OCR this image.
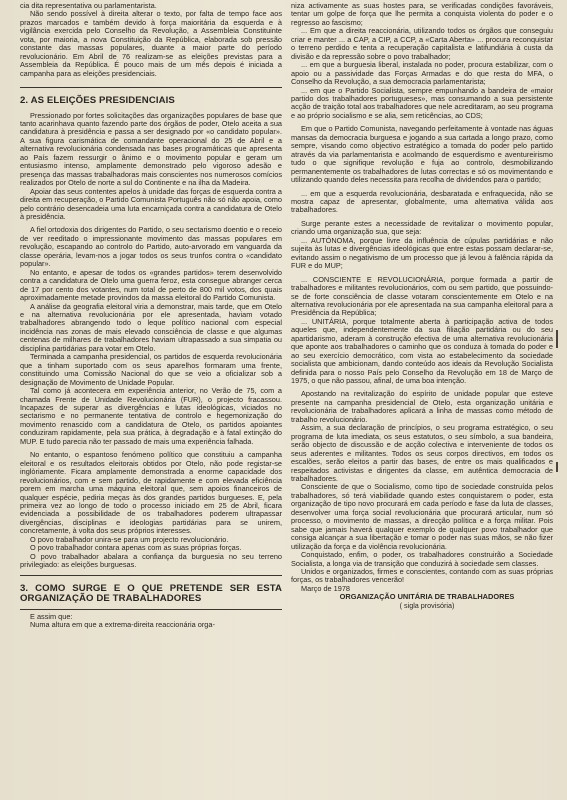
cia dita representativa ou parlamentarista.

Não sendo possível à direita alterar o texto, por falta de tempo face aos prazos marcados e também devido à força maioritária da esquerda e à vigilância exercida pelo Conselho da Revolução, a Assembleia Constituinte vota, por maioria, a nova Constituição da República, elaborada sob pressão constante das massas populares, duante a maior parte do período revolucionário. Em Abril de 76 realizam-se as eleições previstas para a Assembleia da República. É pouco mais de um mês depois é iniciada a campanha para as eleições presidenciais.

2. AS ELEIÇÕES PRESIDENCIAIS

Pressionado por fortes solicitações das organizações populares de base que tanto acarinhava quanto fazendo parte dos órgãos de poder, Otelo aceita a sua candidatura à presidência e passa a ser designado por «o candidato popular». A sua figura carismática de comandante operacional do 25 de Abril e a alternativa revolucionária condensada nas bases programáticas que apresenta ao País fazem ressurgir o ânimo e o movimento popular e geram um entusiasmo intenso, amplamente demonstrado pelo vigoroso adesão e presença das massas trabalhadoras mais conscientes nos numerosos comícios realizados por Otelo de norte a sul do Continente e na ilha da Madeira.

Apoiar das seus contentes apelos à unidade das forças de esquerda contra a direita em recuperação, o Partido Comunista Português não só não apoia, como pelo contrário desencadeia uma luta encarniçada contra a candidatura de Otelo à presidência.

A fiel ortodoxia dos dirigentes do Partido, o seu sectarismo doentio e o receio de ver reeditado o impressionante movimento das massas populares em revolução, escapando ao controlo do Partido, auto-arvorado em vanguarda da classe operária, levam-nos a jogar todos os seus trunfos contra o «candidato popular».

No entanto, e apesar de todos os «grandes partidos» terem desenvolvido contra a candidatura de Otelo uma guerra feroz, esta consegue abranger cerca de 17 por cento dos votantes, num total de perto de 800 mil votos, dos quais aproximadamente metade provindos da massa eleitoral do Partido Comunista.

A análise da geografia eleitoral viria a demonstrar, mais tarde, que em Otelo e na alternativa revolucionária por ele apresentada, haviam votado trabalhadores abrangendo todo o leque político nacional com especial incidência nas zonas de mais elevado consciência de classe e que algumas centenas de milhares de trabalhadores haviam ultrapassado a sua simpatia ou disciplina partidárias para votar em Otelo.

Terminada a campanha presidencial, os partidos de esquerda revolucionária que a tinham suportado com os seus aparelhos formaram uma frente, constituindo uma Comissão Nacional do que se veio a oficializar sob a designação de Movimento de Unidade Popular.

Tal como já acontecera em experiência anterior, no Verão de 75, com a chamada Frente de Unidade Revolucionária (FUR), o projecto fracassou. Incapazes de superar as divergências e lutas ideológicas, viciados no sectarismo e no permanente tentativa de controlo e hegemonização do movimento renascido com a candidatura de Otelo, os partidos apoiantes conduziram rapidamente, pela sua prática, à degradação e à fatal extinção do MUP. E tudo parecia não ter passado de mais uma experiência falhada.

No entanto, o espantoso fenómeno político que constituiu a campanha eleitoral e os resultados eleitorais obtidos por Otelo, não pode registar-se inglòriamente. Ficara amplamente demonstrada a enorme capacidade dos revolucionários, com e sem partido, de rapidamente e com elevada eficiência porem em marcha uma máquina eleitoral que, sem apoios financeiros de qualquer espécie, pediria meças às dos grandes partidos burgueses. E, pela primeira vez ao longo de todo o processo iniciado em 25 de Abril, ficara evidenciada a possibilidade de os trabalhadores poderem ultrapassar divergências, disciplinas e ideologias partidárias para se unirem, concretamente, à volta dos seus próprios interesses.

O povo trabalhador unira-se para um projecto revolucionário.

O povo trabalhador contara apenas com as suas próprias forças.

O povo trabalhador abalara a confiança da burguesia no seu terreno privilegiado: as eleições burguesas.

3. COMO SURGE E O QUE PRETENDE SER ESTA ORGANIZAÇÃO DE TRABALHADORES

E assim que:

Numa altura em que a extrema-direita reaccionária orga-

niza activamente as suas hostes para, se verificadas condições favoráveis, tentar um golpe de força que lhe permita a conquista violenta do poder e o regresso ao fascismo;

... Em que a direita reaccionária, utilizando todos os órgãos que conseguiu criar e manter ... a CAP, a CIP, a CCP, a «Carta Aberta» ... procura reconquistar o terreno perdido e tenta a recuperação capitalista e latifundiária à custa da divisão e da repressão sobre o povo trabalhador;

... em que a burguesia liberal, instalada no poder, procura estabilizar, com o apoio ou a passividade das Forças Armadas e do que resta do MFA, o Conselho da Revolução, a sua democracia parlamentarista;

... em que o Partido Socialista, sempre empunhando a bandeira de «maior partido dos trabalhadores portugueses», mas consumando a sua persistente acção de traição total aos trabalhadores que nele acreditaram, ao seu programa e ao próprio socialismo e se alia, sem reticências, ao CDS;

Em que o Partido Comunista, navegando perfeitamente à vontade nas águas mansas da democracia burguesa e jogando a sua cartada a longo prazo, como sempre, visando como objectivo estratégico a tomada do poder pelo partido através da via parlamentarista e acolmando de esquerdismo e aventureirismo tudo o que signifique revolução e fuja ao controlo, desmobilizando permanentemente os trabalhadores de lutas correctas e só os movimentando e utilizando quando deles necessita para recolha de dividendos para o partido;

... em que a esquerda revolucionária, desbaratada e enfraquecida, não se mostra capaz de apresentar, globalmente, uma alternativa válida aos trabalhadores.

Surge perante estes a necessidade de revitalizar o movimento popular, criando uma organização sua, que seja:

... AUTÓNOMA, porque livre da influência de cúpulas partidárias e não sujeita às lutas e divergências ideológicas que entre estas possam declarar-se, evitando assim o negativismo de um processo que já levou à falência rápida da FUR e do MUP;

... CONSCIENTE E REVOLUCIONÁRIA, porque formada a partir de trabalhadores e militantes revolucionários, com ou sem partido, que possuindo-se de forte consciência de classe votaram conscientemente em Otelo e na alternativa revolucionária por ele apresentada na sua campanha eleitoral para a Presidência da República;

... UNITÁRIA, porque totalmente aberta à participação activa de todos aqueles que, independentemente da sua filiação partidária ou do seu apartidarismo, aderam à construção efectiva de uma alternativa revolucionária que aponte aos trabalhadores o caminho que os conduza à tomada do poder e ao seu exercício democrático, com vista ao estabelecimento da sociedade socialista que ambicionam, dando conteúdo aos ideais da Revolução Socialista definida para o nosso País pelo Conselho da Revolução em 18 de Março de 1975, o que não passou, afinal, de uma boa intenção.

Apostando na revitalização do espírito de unidade popular que esteve presente na campanha presidencial de Otelo, esta organização unitária e revolucionária de trabalhadores aplicará a linha de massas como método de trabalho revolucionário.

Assim, a sua declaração de princípios, o seu programa estratégico, o seu programa de luta imediata, os seus estatutos, o seu símbolo, a sua bandeira, serão objecto de discussão e de acção colectiva e interveniente de todos os seus aderentes e militantes. Todos os seus corpos directivos, em todos os escalões, serão eleitos a partir das bases, de entre os mais qualificados e respeitados activistas e dirigentes da classe, em autêntica democracia de trabalhadores.

Consciente de que o Socialismo, como tipo de sociedade construída pelos trabalhadores, só terá viabilidade quando estes conquistarem o poder, esta organização de tipo novo procurará em cada período e fase da luta de classes, desenvolver uma força social revolucionária que procurará articular, num só processo, o movimento de massas, a direcção política e a força militar. Pois sabe que jamais haverá qualquer exemplo de qualquer povo trabalhador que consiga alcançar a sua libertação e tomar o poder nas suas mãos, se não fizer utilização da força e da violência revolucionária.

Conquistado, enfim, o poder, os trabalhadores construirão a Sociedade Socialista, a longa via de transição que conduzirá à sociedade sem classes.

Unidos e organizados, firmes e conscientes, contando com as suas próprias forças, os trabalhadores vencerão!

Março de 1978

ORGANIZAÇÃO UNITÁRIA DE TRABALHADORES

( sigla provisória)
